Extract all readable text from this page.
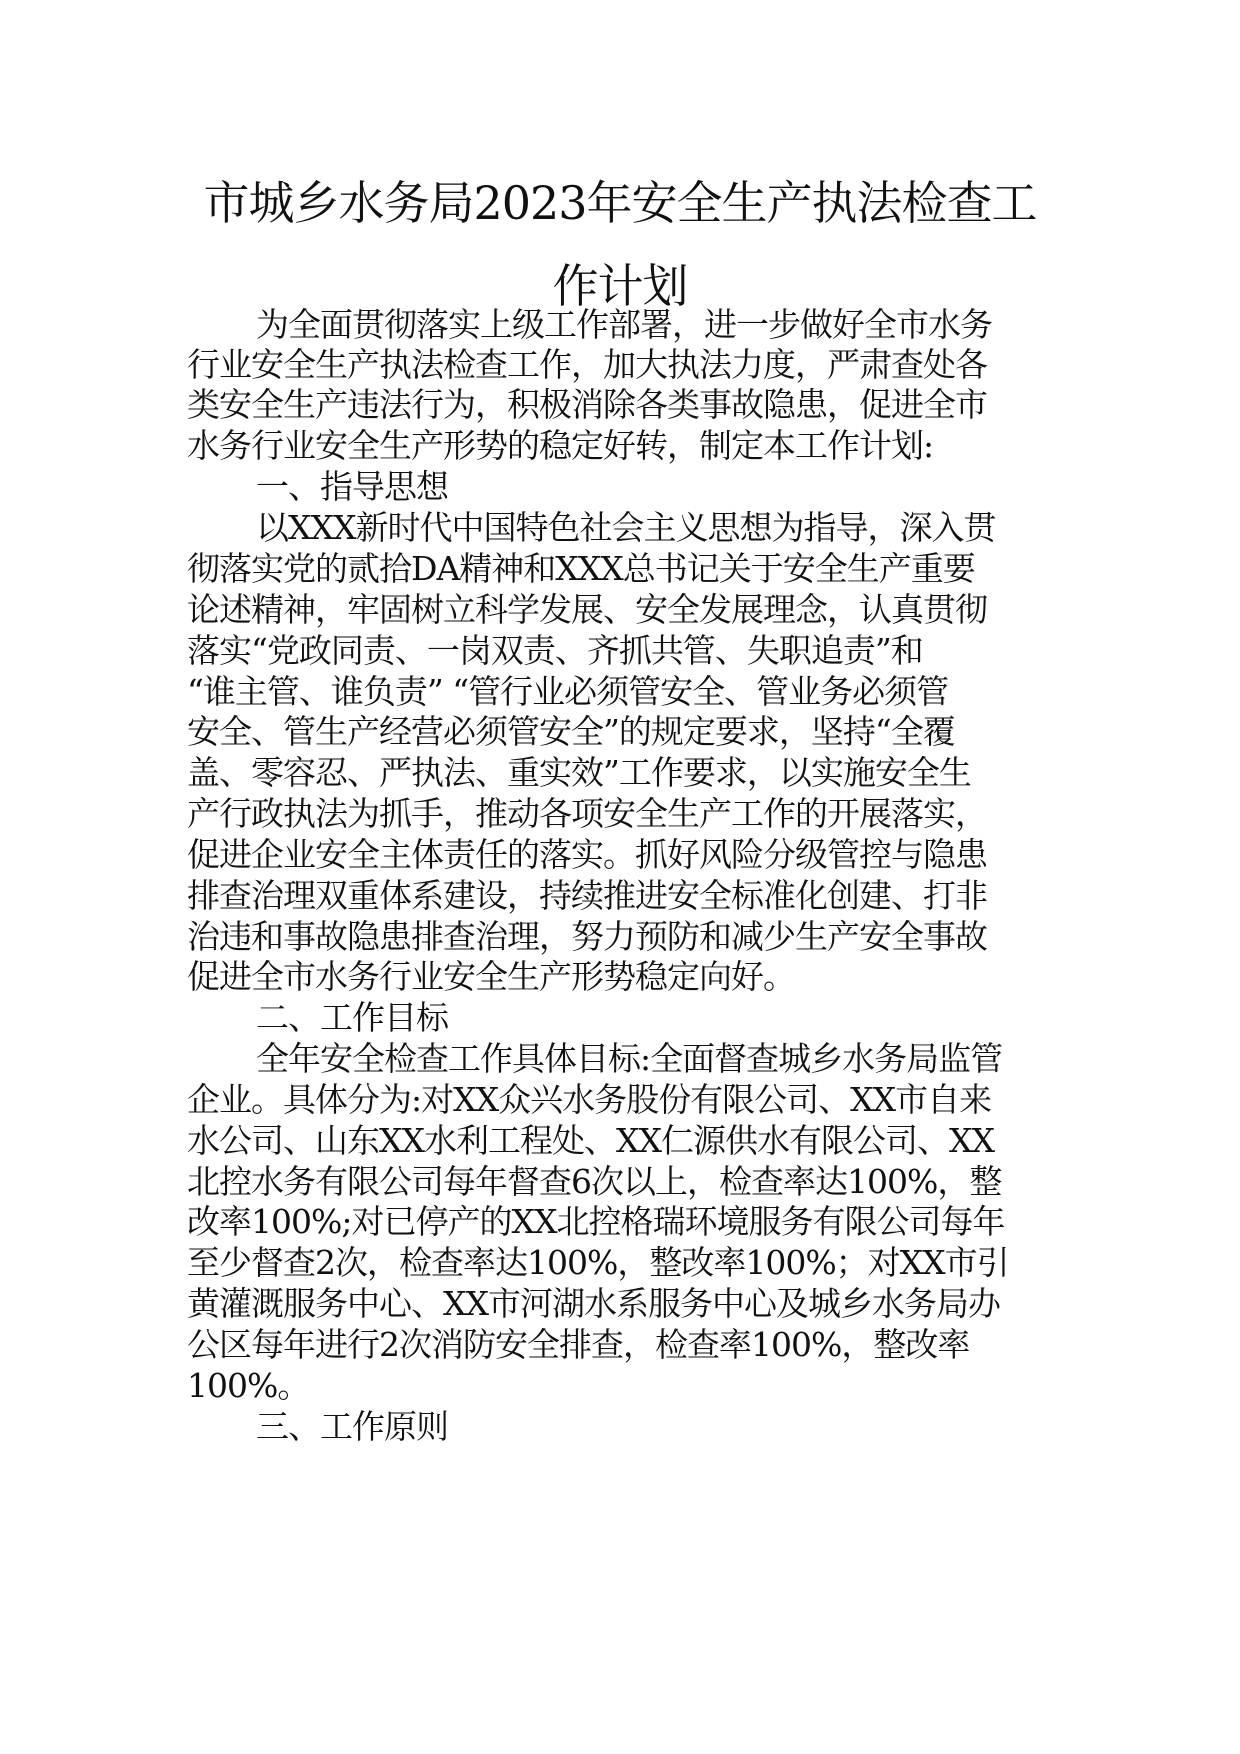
市城乡水务局2023年安全生产执法检查工
作计划
为全面贯彻落实上级工作部署，进一步做好全市水务
行业安全生产执法检查工作，加大执法力度，严肃查处各
类安全生产违法行为，积极消除各类事故隐患，促进全市
水务行业安全生产形势的稳定好转，制定本工作计划:
一、指导思想
以XXX新时代中国特色社会主义思想为指导，深入贯
彻落实党的贰拾DA精神和XXX总书记关于安全生产重要
论述精神，牢固树立科学发展、安全发展理念，认真贯彻
落实“党政同责、一岗双责、齐抓共管、失职追责”和
“谁主管、谁负责” “管行业必须管安全、管业务必须管
安全、管生产经营必须管安全”的规定要求，坚持“全覆
盖、零容忍、严执法、重实效”工作要求，以实施安全生
产行政执法为抓手，推动各项安全生产工作的开展落实，
促进企业安全主体责任的落实。抓好风险分级管控与隐患
排查治理双重体系建设，持续推进安全标准化创建、打非
治违和事故隐患排查治理，努力预防和减少生产安全事故
促进全市水务行业安全生产形势稳定向好。
二、工作目标
全年安全检查工作具体目标:全面督查城乡水务局监管
企业。具体分为:对XX众兴水务股份有限公司、XX市自来
水公司、山东XX水利工程处、XX仁源供水有限公司、XX
北控水务有限公司每年督查6次以上，检查率达100%，整
改率100%;对已停产的XX北控格瑞环境服务有限公司每年
至少督查2次，检查率达100%，整改率100%；对XX市引
黄灌溉服务中心、XX市河湖水系服务中心及城乡水务局办
公区每年进行2次消防安全排查，检查率100%，整改率
100%。
三、工作原则
